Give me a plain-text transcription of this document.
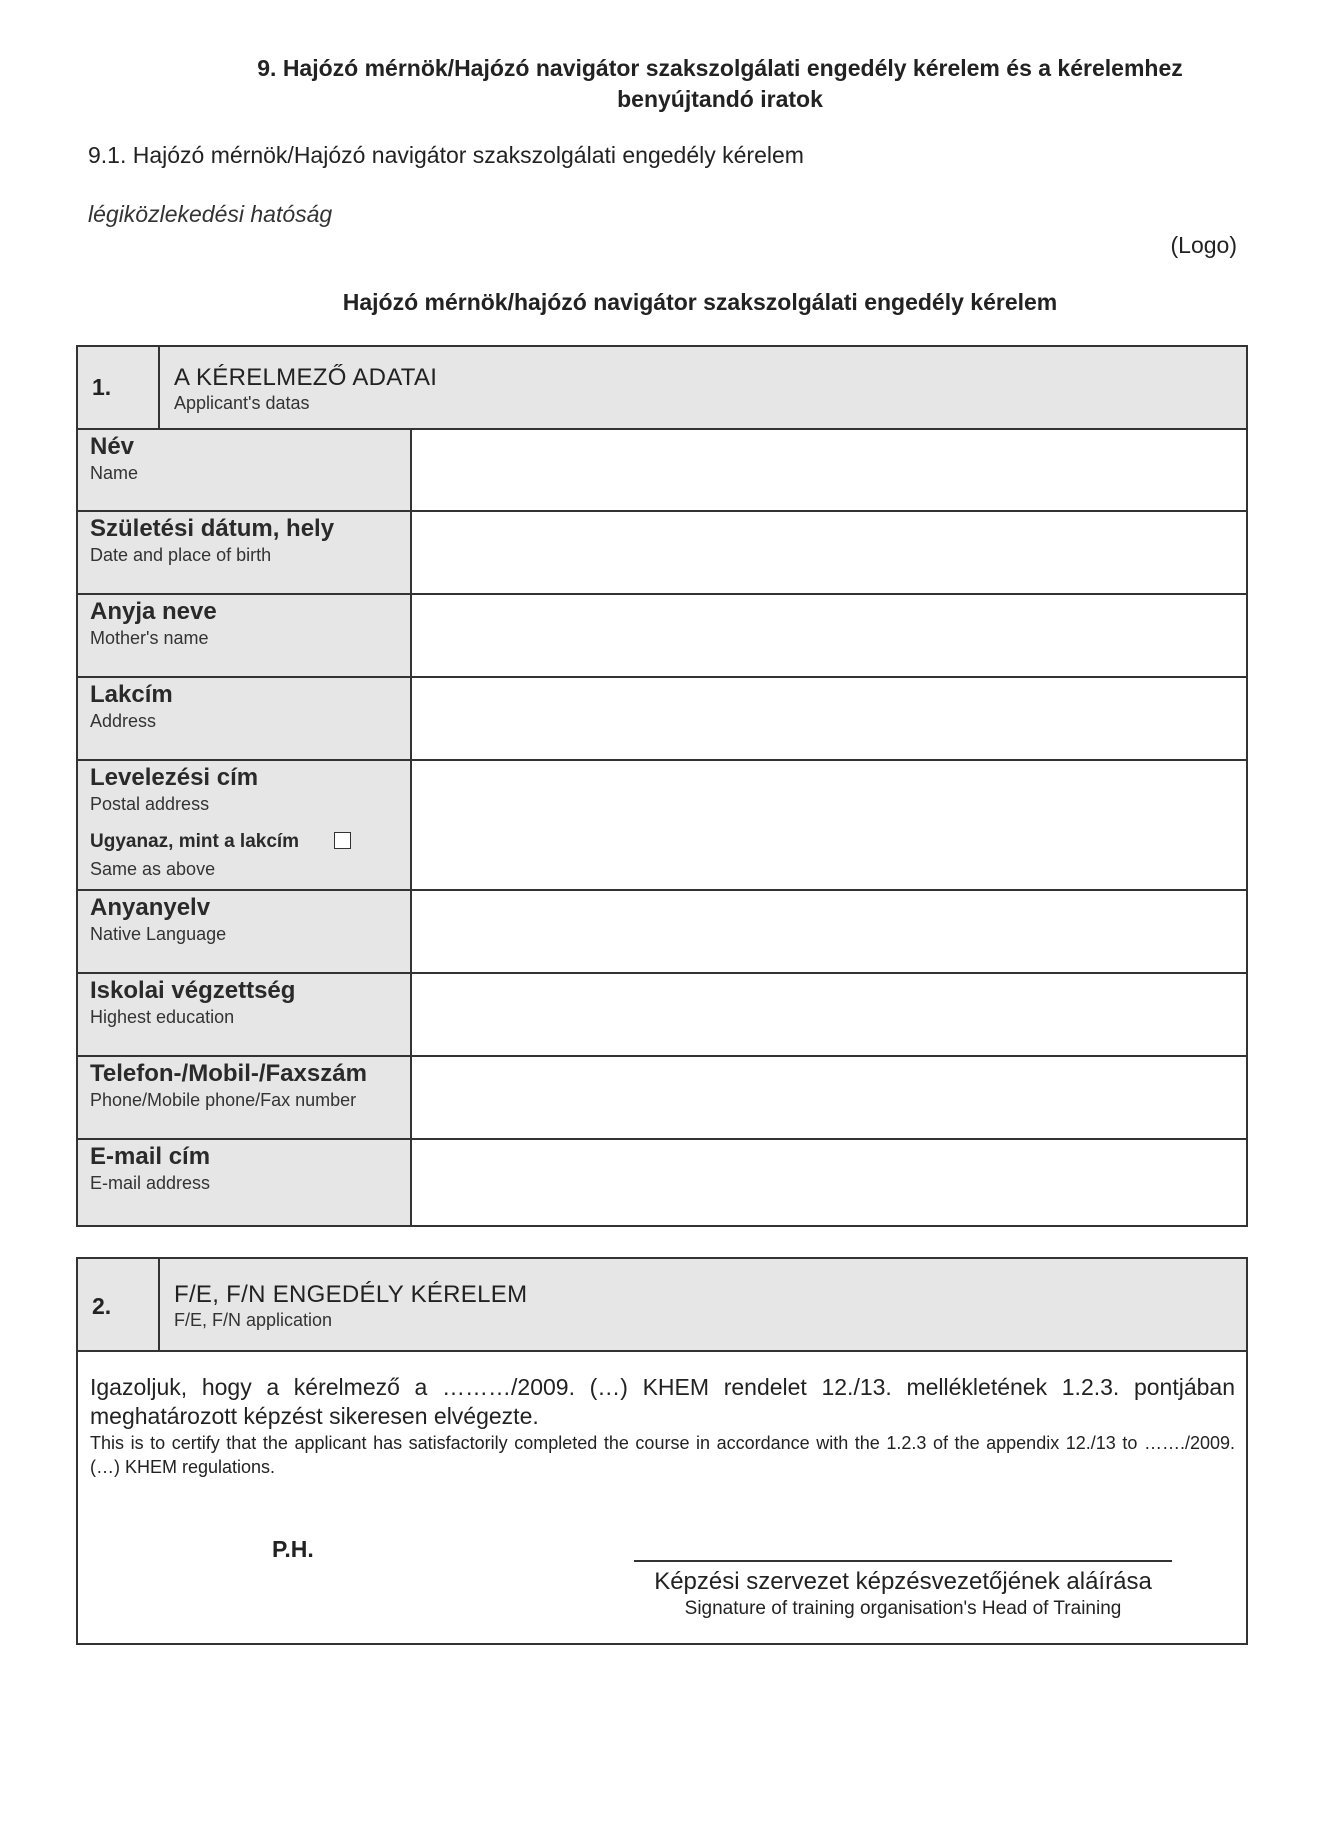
9. Hajózó mérnök/Hajózó navigátor szakszolgálati engedély kérelem és a kérelemhez benyújtandó iratok
9.1. Hajózó mérnök/Hajózó navigátor szakszolgálati engedély kérelem
légiközlekedési hatóság
(Logo)
Hajózó mérnök/hajózó navigátor szakszolgálati engedély kérelem
1.	A KÉRELMEZŐ ADATAI
Applicant's datas
Név
Name
Születési dátum, hely
Date and place of birth
Anyja neve
Mother's name
Lakcím
Address
Levelezési cím
Postal address
Ugyanaz, mint a lakcím
Same as above
Anyanyelv
Native Language
Iskolai végzettség
Highest education
Telefon-/Mobil-/Faxszám
Phone/Mobile phone/Fax number
E-mail cím
E-mail address
2.	F/E, F/N ENGEDÉLY KÉRELEM
F/E, F/N application
Igazoljuk, hogy a kérelmező a ………/2009. (…) KHEM rendelet 12./13. mellékletének 1.2.3. pontjában meghatározott képzést sikeresen elvégezte.
This is to certify that the applicant has satisfactorily completed the course in accordance with the 1.2.3 of the appendix 12./13 to ……./2009. (…) KHEM regulations.
P.H.
Képzési szervezet képzésvezetőjének aláírása
Signature of training organisation's Head of Training
